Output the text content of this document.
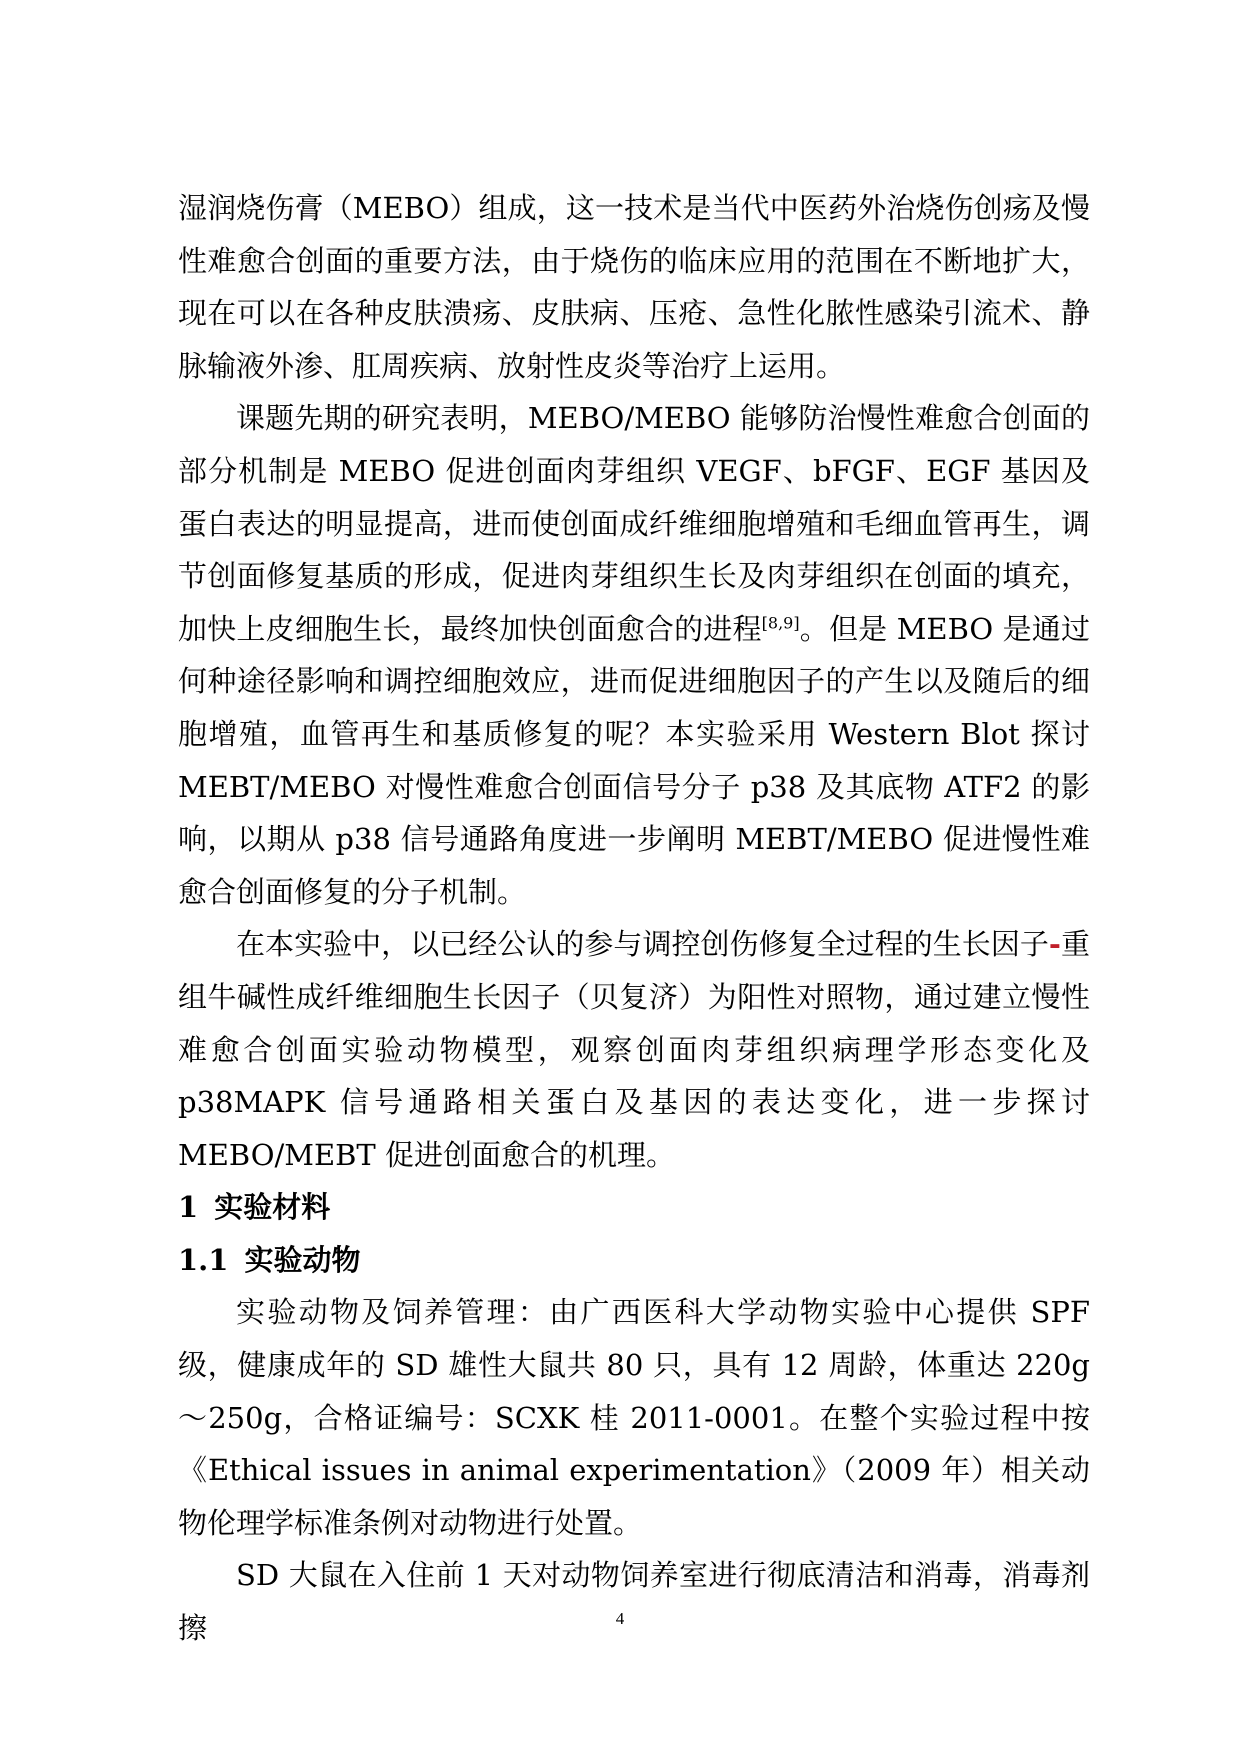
湿润烧伤膏（MEBO）组成，这一技术是当代中医药外治烧伤创疡及慢性难愈合创面的重要方法，由于烧伤的临床应用的范围在不断地扩大，现在可以在各种皮肤溃疡、皮肤病、压疮、急性化脓性感染引流术、静脉输液外渗、肛周疾病、放射性皮炎等治疗上运用。

课题先期的研究表明，MEBO/MEBO 能够防治慢性难愈合创面的部分机制是 MEBO 促进创面肉芽组织 VEGF、bFGF、EGF 基因及蛋白表达的明显提高，进而使创面成纤维细胞增殖和毛细血管再生，调节创面修复基质的形成，促进肉芽组织生长及肉芽组织在创面的填充，加快上皮细胞生长，最终加快创面愈合的进程[8,9]。但是 MEBO 是通过何种途径影响和调控细胞效应，进而促进细胞因子的产生以及随后的细胞增殖，血管再生和基质修复的呢？本实验采用 Western Blot 探讨 MEBT/MEBO 对慢性难愈合创面信号分子 p38 及其底物 ATF2 的影响，以期从 p38 信号通路角度进一步阐明 MEBT/MEBO 促进慢性难愈合创面修复的分子机制。

在本实验中，以已经公认的参与调控创伤修复全过程的生长因子-重组牛碱性成纤维细胞生长因子（贝复济）为阳性对照物，通过建立慢性难愈合创面实验动物模型，观察创面肉芽组织病理学形态变化及 p38MAPK 信号通路相关蛋白及基因的表达变化，进一步探讨 MEBO/MEBT 促进创面愈合的机理。

1 实验材料

1.1 实验动物

实验动物及饲养管理：由广西医科大学动物实验中心提供 SPF 级，健康成年的 SD 雄性大鼠共 80 只，具有 12 周龄，体重达 220g～250g，合格证编号：SCXK 桂 2011-0001。在整个实验过程中按《Ethical issues in animal experimentation》（2009 年）相关动物伦理学标准条例对动物进行处置。

SD 大鼠在入住前 1 天对动物饲养室进行彻底清洁和消毒，消毒剂擦	4
